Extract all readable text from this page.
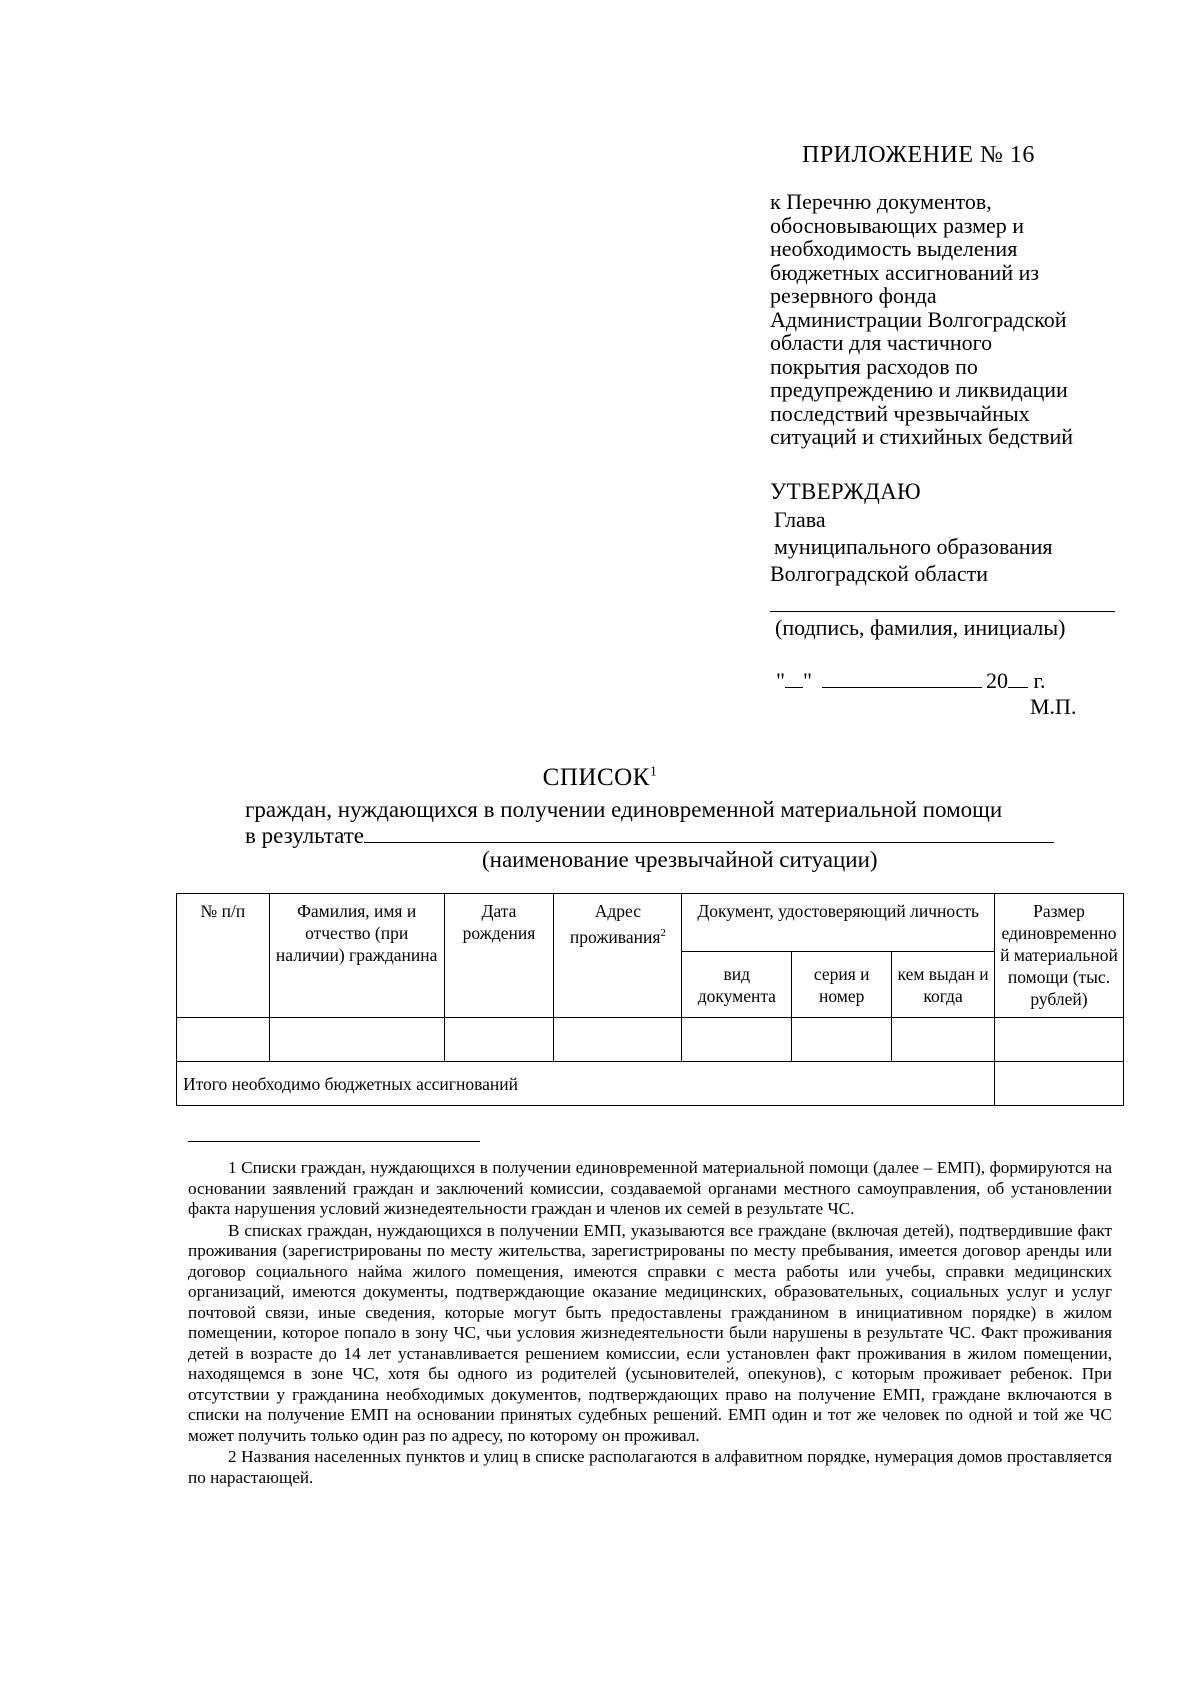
ПРИЛОЖЕНИЕ № 16
к Перечню документов,
обосновывающих размер и
необходимость выделения
бюджетных ассигнований из
резервного фонда
Администрации Волгоградской
области для частичного
покрытия расходов по
предупреждению и ликвидации
последствий чрезвычайных
ситуаций и стихийных бедствий
УТВЕРЖДАЮ
Глава
муниципального образования
Волгоградской области
(подпись, фамилия, инициалы)
" "	20 г.
М.П.
СПИСОК$^1$
граждан, нуждающихся в получении единовременной материальной помощи
в результате
(наименование чрезвычайной ситуации)
№ п/п	Фамилия, имя и отчество (при наличии) гражданина	Дата рождения	Адрес проживания$^2$	Документ, удостоверяющий личность			Размер единовременно й материальной помощи (тыс. рублей)
				вид документа	серия и номер	кем выдан и когда	

Итого необходимо бюджетных ассигнований							

1 Списки граждан, нуждающихся в получении единовременной материальной помощи (далее – ЕМП), формируются на основании заявлений граждан и заключений комиссии, создаваемой органами местного самоуправления, об установлении факта нарушения условий жизнедеятельности граждан и членов их семей в результате ЧС.

В списках граждан, нуждающихся в получении ЕМП, указываются все граждане (включая детей), подтвердившие факт проживания (зарегистрированы по месту жительства, зарегистрированы по месту пребывания, имеется договор аренды или договор социального найма жилого помещения, имеются справки с места работы или учебы, справки медицинских организаций, имеются документы, подтверждающие оказание медицинских, образовательных, социальных услуг и услуг почтовой связи, иные сведения, которые могут быть предоставлены гражданином в инициативном порядке) в жилом помещении, которое попало в зону ЧС, чьи условия жизнедеятельности были нарушены в результате ЧС. Факт проживания детей в возрасте до 14 лет устанавливается решением комиссии, если установлен факт проживания в жилом помещении, находящемся в зоне ЧС, хотя бы одного из родителей (усыновителей, опекунов), с которым проживает ребенок. При отсутствии у гражданина необходимых документов, подтверждающих право на получение ЕМП, граждане включаются в списки на получение ЕМП на основании принятых судебных решений. ЕМП один и тот же человек по одной и той же ЧС может получить только один раз по адресу, по которому он проживал.

2 Названия населенных пунктов и улиц в списке располагаются в алфавитном порядке, нумерация домов проставляется по нарастающей.
